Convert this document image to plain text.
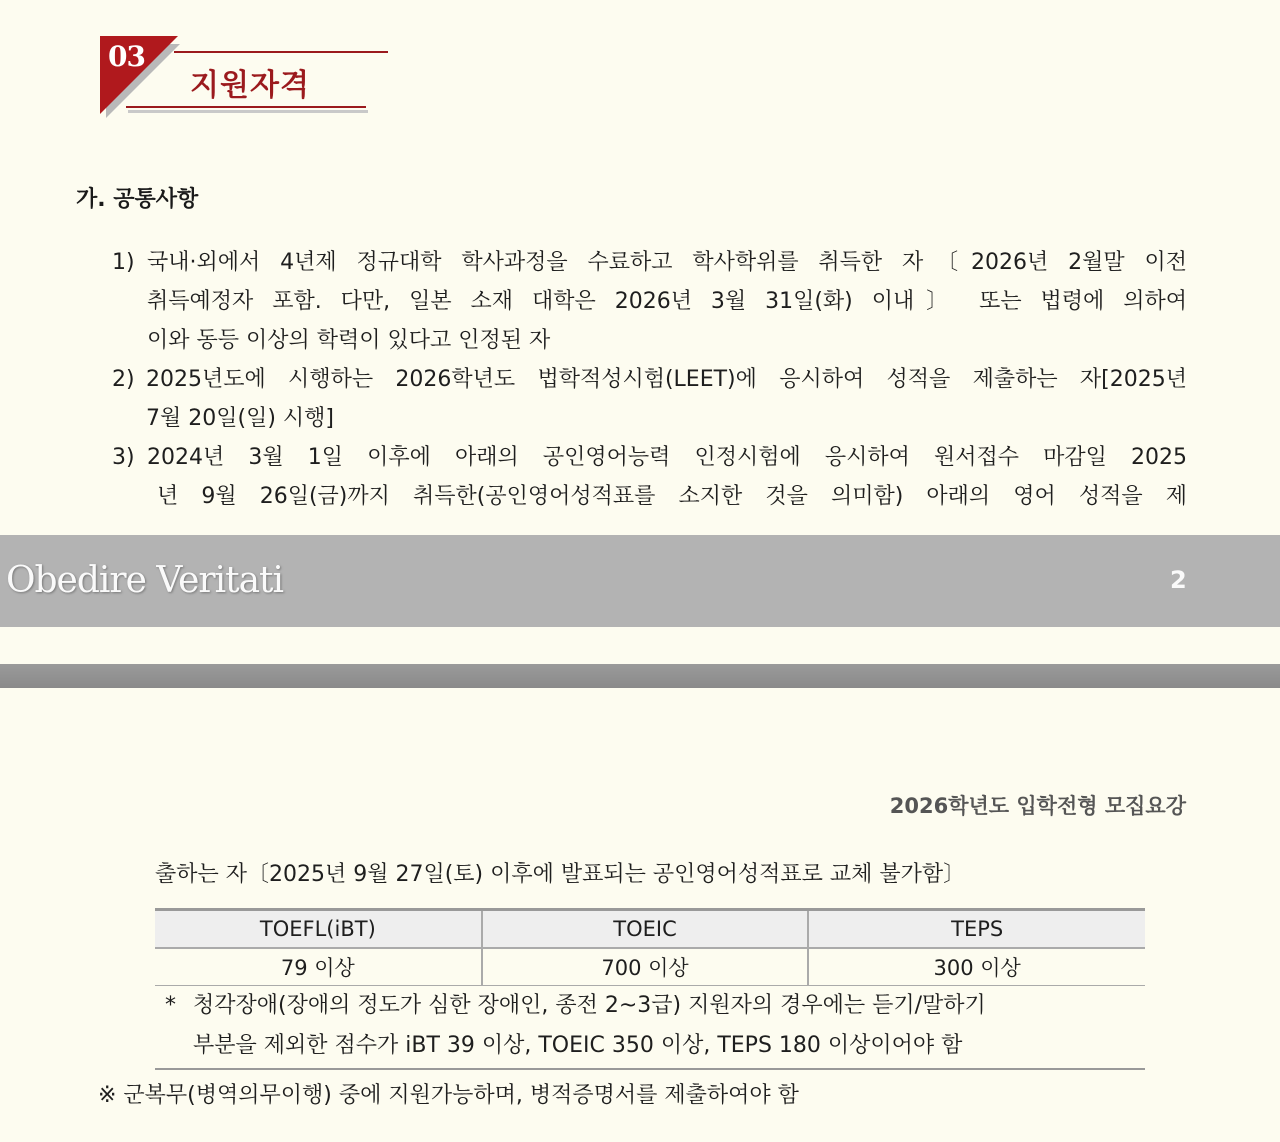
03
지원자격
가. 공통사항
1) 국내·외에서 4년제 정규대학 학사과정을 수료하고 학사학위를 취득한 자〔2026년 2월말 이전
취득예정자 포함. 다만, 일본 소재 대학은 2026년 3월 31일(화) 이내〕 또는 법령에 의하여
이와 동등 이상의 학력이 있다고 인정된 자
2) 2025년도에 시행하는 2026학년도 법학적성시험(LEET)에 응시하여 성적을 제출하는 자[2025년
7월 20일(일) 시행]
3) 2024년 3월 1일 이후에 아래의 공인영어능력 인정시험에 응시하여 원서접수 마감일 2025
년 9월 26일(금)까지 취득한(공인영어성적표를 소지한 것을 의미함) 아래의 영어 성적을 제
Obedire Veritati	2
2026학년도 입학전형 모집요강
출하는 자〔2025년 9월 27일(토) 이후에 발표되는 공인영어성적표로 교체 불가함〕
TOEFL(iBT)	TOEIC	TEPS
79 이상	700 이상	300 이상
* 청각장애(장애의 정도가 심한 장애인, 종전 2~3급) 지원자의 경우에는 듣기/말하기
부분을 제외한 점수가 iBT 39 이상, TOEIC 350 이상, TEPS 180 이상이어야 함
※ 군복무(병역의무이행) 중에 지원가능하며, 병적증명서를 제출하여야 함
